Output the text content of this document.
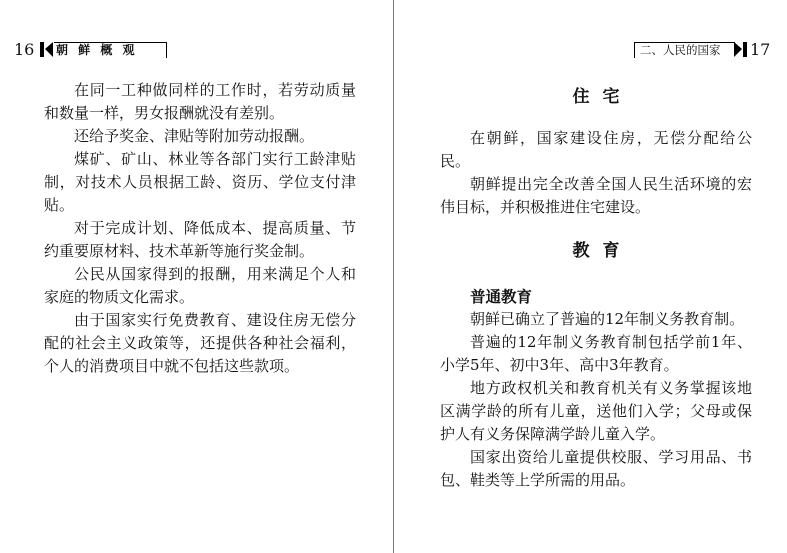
16 朝 鲜 概 观	二、人民的国家 17

在同一工种做同样的工作时，若劳动质量和数量一样，男女报酬就没有差别。

还给予奖金、津贴等附加劳动报酬。

煤矿、矿山、林业等各部门实行工龄津贴制，对技术人员根据工龄、资历、学位支付津贴。

对于完成计划、降低成本、提高质量、节约重要原材料、技术革新等施行奖金制。

公民从国家得到的报酬，用来满足个人和家庭的物质文化需求。

由于国家实行免费教育、建设住房无偿分配的社会主义政策等，还提供各种社会福利，个人的消费项目中就不包括这些款项。

住宅

在朝鲜，国家建设住房，无偿分配给公民。

朝鲜提出完全改善全国人民生活环境的宏伟目标，并积极推进住宅建设。

教育
普通教育

朝鲜已确立了普遍的12年制义务教育制。

普遍的12年制义务教育制包括学前1年、小学5年、初中3年、高中3年教育。

地方政权机关和教育机关有义务掌握该地区满学龄的所有儿童，送他们入学；父母或保护人有义务保障满学龄儿童入学。

国家出资给儿童提供校服、学习用品、书包、鞋类等上学所需的用品。
